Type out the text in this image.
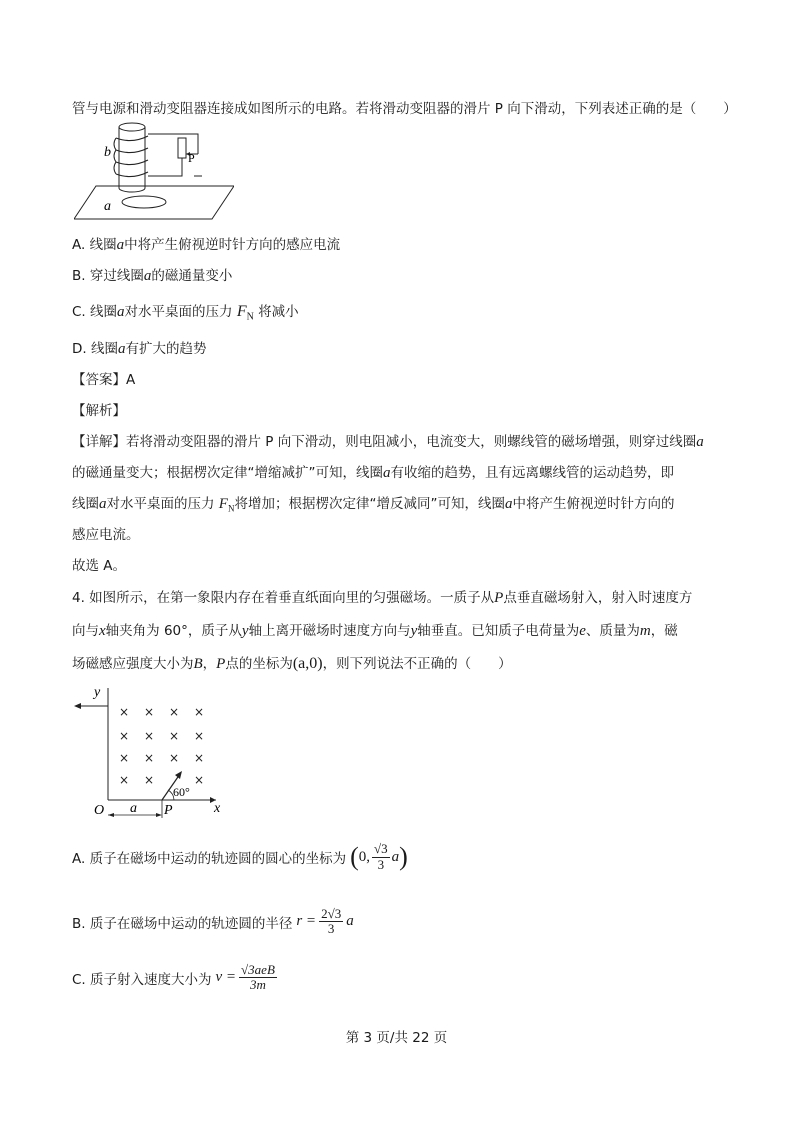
管与电源和滑动变阻器连接成如图所示的电路。若将滑动变阻器的滑片 P 向下滑动，下列表述正确的是（　　）
b
a
P
A. 线圈a中将产生俯视逆时针方向的感应电流
B. 穿过线圈a的磁通量变小
C. 线圈a对水平桌面的压力 $F_N$ 将减小
D. 线圈a有扩大的趋势
【答案】A
【解析】
【详解】若将滑动变阻器的滑片 P 向下滑动，则电阻减小，电流变大，则螺线管的磁场增强，则穿过线圈a
的磁通量变大；根据楞次定律“增缩减扩”可知，线圈a有收缩的趋势，且有远离螺线管的运动趋势，即
线圈a对水平桌面的压力 $F_N$将增加；根据楞次定律“增反减同”可知，线圈a中将产生俯视逆时针方向的
感应电流。
故选 A。
4. 如图所示，在第一象限内存在着垂直纸面向里的匀强磁场。一质子从P点垂直磁场射入，射入时速度方
向与x轴夹角为 60°，质子从y轴上离开磁场时速度方向与y轴垂直。已知质子电荷量为e、质量为m，磁
场磁感应强度大小为B，P点的坐标为(a,0)，则下列说法不正确的（　　）
× × × ×
× × × ×
× × × ×
× ×	×
y
x
O a P
60°
A. 质子在磁场中运动的轨迹圆的圆心的坐标为 ( 0, $\frac{√3}{3}$ a )
B. 质子在磁场中运动的轨迹圆的半径 $r = \frac{2√3}{3}$ a
C. 质子射入速度大小为 $v = \frac{\text{√3aeB}}{3m}$
第 3 页/共 22 页
